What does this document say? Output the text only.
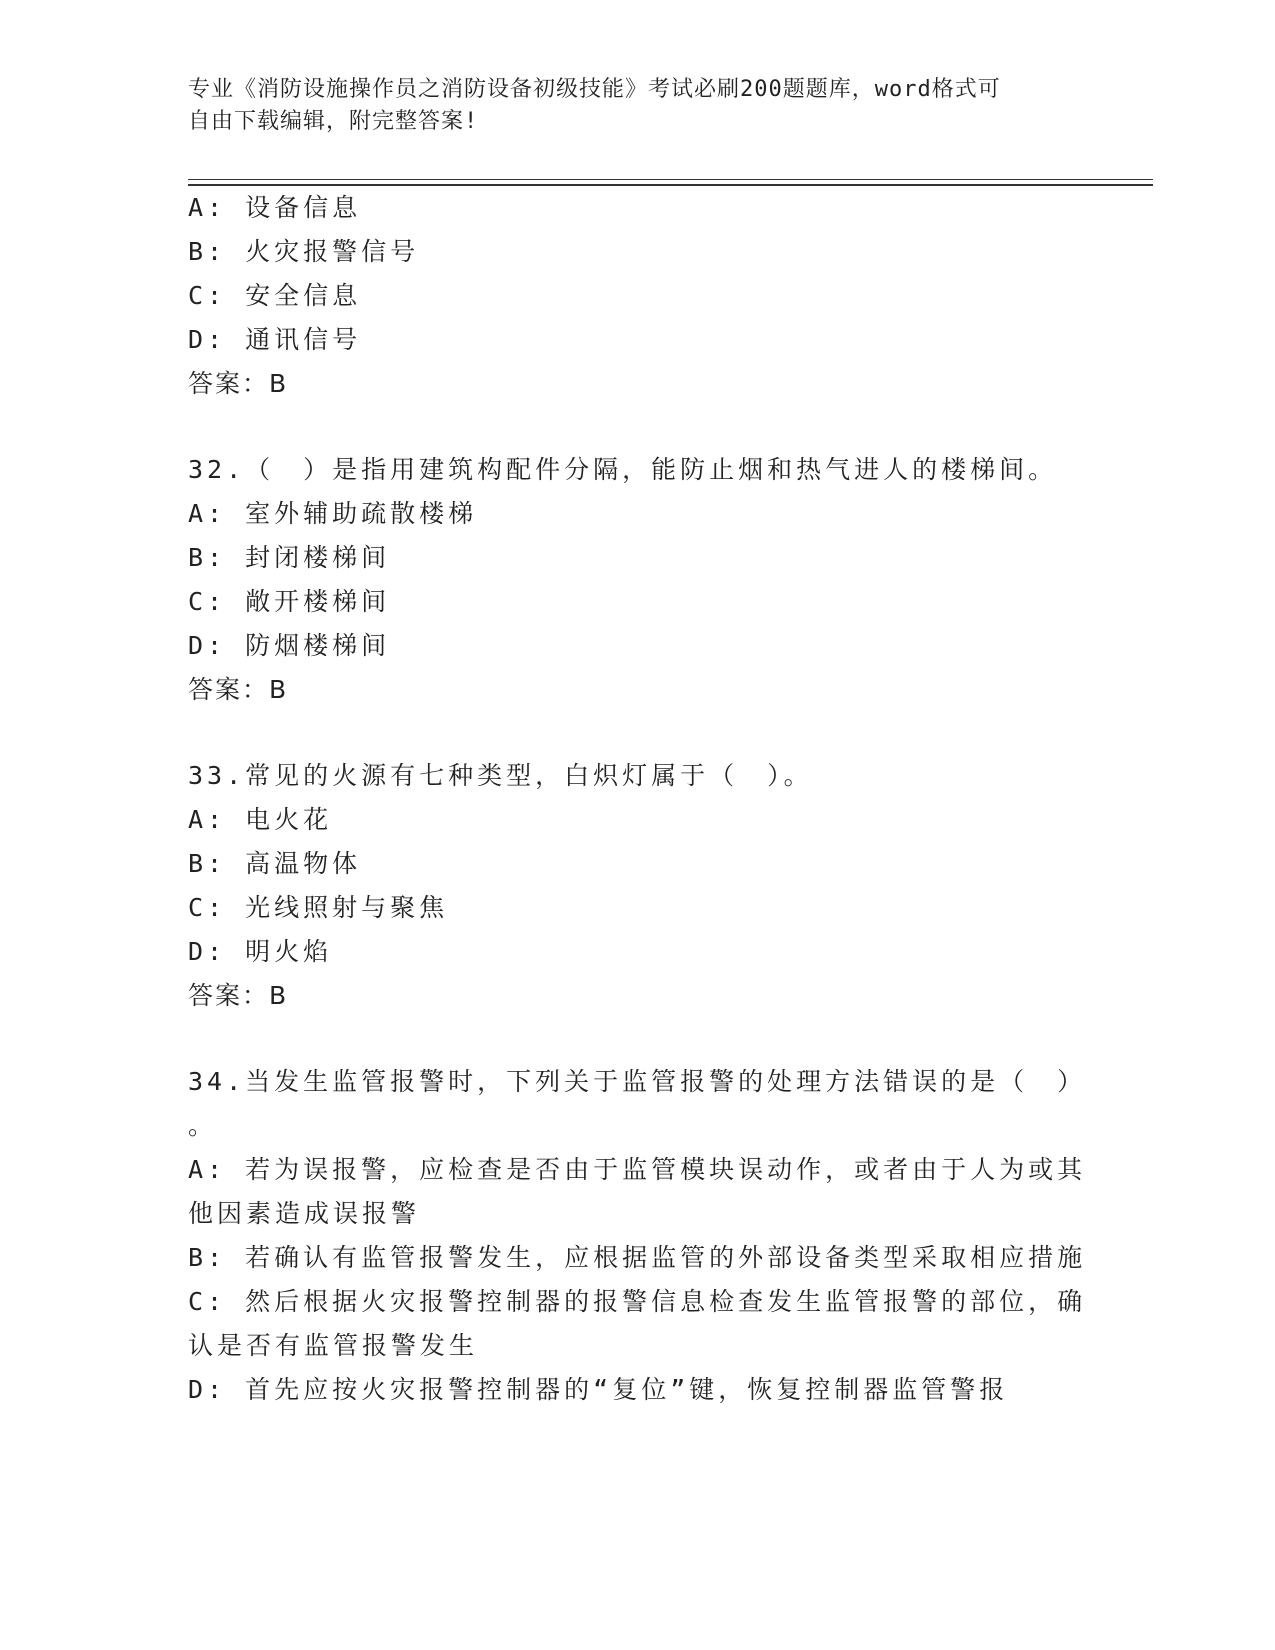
专业《消防设施操作员之消防设备初级技能》考试必刷200题题库，word格式可
自由下载编辑，附完整答案!
A: 设备信息
B: 火灾报警信号
C: 安全信息
D: 通讯信号
答案：B
32.（　）是指用建筑构配件分隔，能防止烟和热气进人的楼梯间。
A: 室外辅助疏散楼梯
B: 封闭楼梯间
C: 敞开楼梯间
D: 防烟楼梯间
答案：B
33.常见的火源有七种类型，白炽灯属于（　）。
A: 电火花
B: 高温物体
C: 光线照射与聚焦
D: 明火焰
答案：B
34.当发生监管报警时，下列关于监管报警的处理方法错误的是（　）
。
A: 若为误报警，应检查是否由于监管模块误动作，或者由于人为或其
他因素造成误报警
B: 若确认有监管报警发生，应根据监管的外部设备类型采取相应措施
C: 然后根据火灾报警控制器的报警信息检查发生监管报警的部位，确
认是否有监管报警发生
D: 首先应按火灾报警控制器的“复位”键，恢复控制器监管警报
